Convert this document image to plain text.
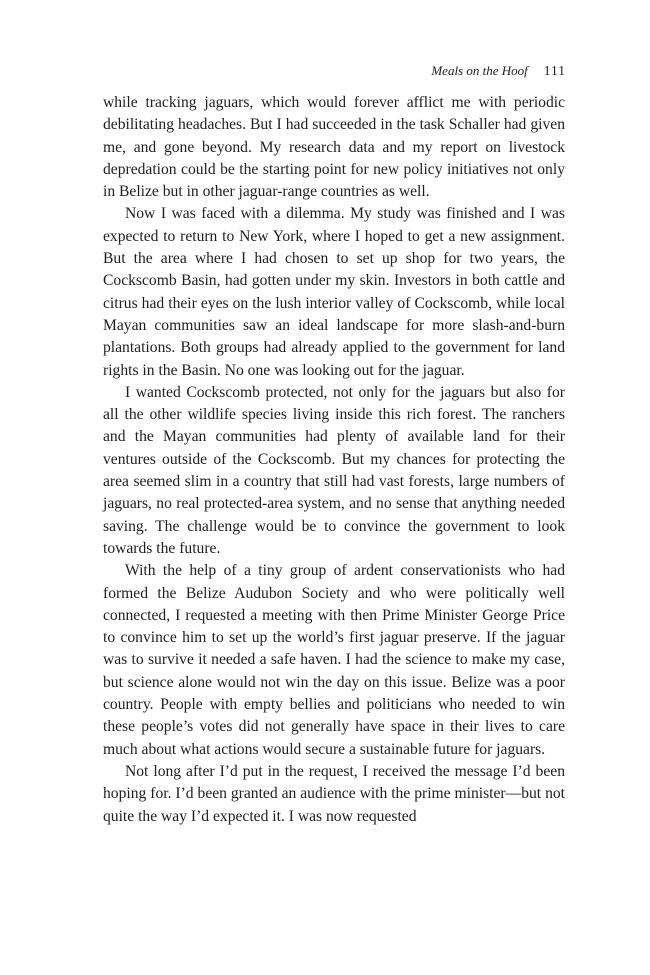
Meals on the Hoof 111

while tracking jaguars, which would forever afflict me with periodic debilitating headaches. But I had succeeded in the task Schaller had given me, and gone beyond. My research data and my report on livestock depredation could be the starting point for new policy initiatives not only in Belize but in other jaguar-range countries as well.

Now I was faced with a dilemma. My study was finished and I was expected to return to New York, where I hoped to get a new assignment. But the area where I had chosen to set up shop for two years, the Cockscomb Basin, had gotten under my skin. Investors in both cattle and citrus had their eyes on the lush interior valley of Cockscomb, while local Mayan communities saw an ideal landscape for more slash-and-burn plantations. Both groups had already applied to the government for land rights in the Basin. No one was looking out for the jaguar.

I wanted Cockscomb protected, not only for the jaguars but also for all the other wildlife species living inside this rich forest. The ranchers and the Mayan communities had plenty of available land for their ventures outside of the Cockscomb. But my chances for protecting the area seemed slim in a country that still had vast forests, large numbers of jaguars, no real protected-area system, and no sense that anything needed saving. The challenge would be to convince the government to look towards the future.

With the help of a tiny group of ardent conservationists who had formed the Belize Audubon Society and who were politically well connected, I requested a meeting with then Prime Minister George Price to convince him to set up the world’s first jaguar preserve. If the jaguar was to survive it needed a safe haven. I had the science to make my case, but science alone would not win the day on this issue. Belize was a poor country. People with empty bellies and politicians who needed to win these people’s votes did not generally have space in their lives to care much about what actions would secure a sustainable future for jaguars.

Not long after I’d put in the request, I received the message I’d been hoping for. I’d been granted an audience with the prime minister—but not quite the way I’d expected it. I was now requested
